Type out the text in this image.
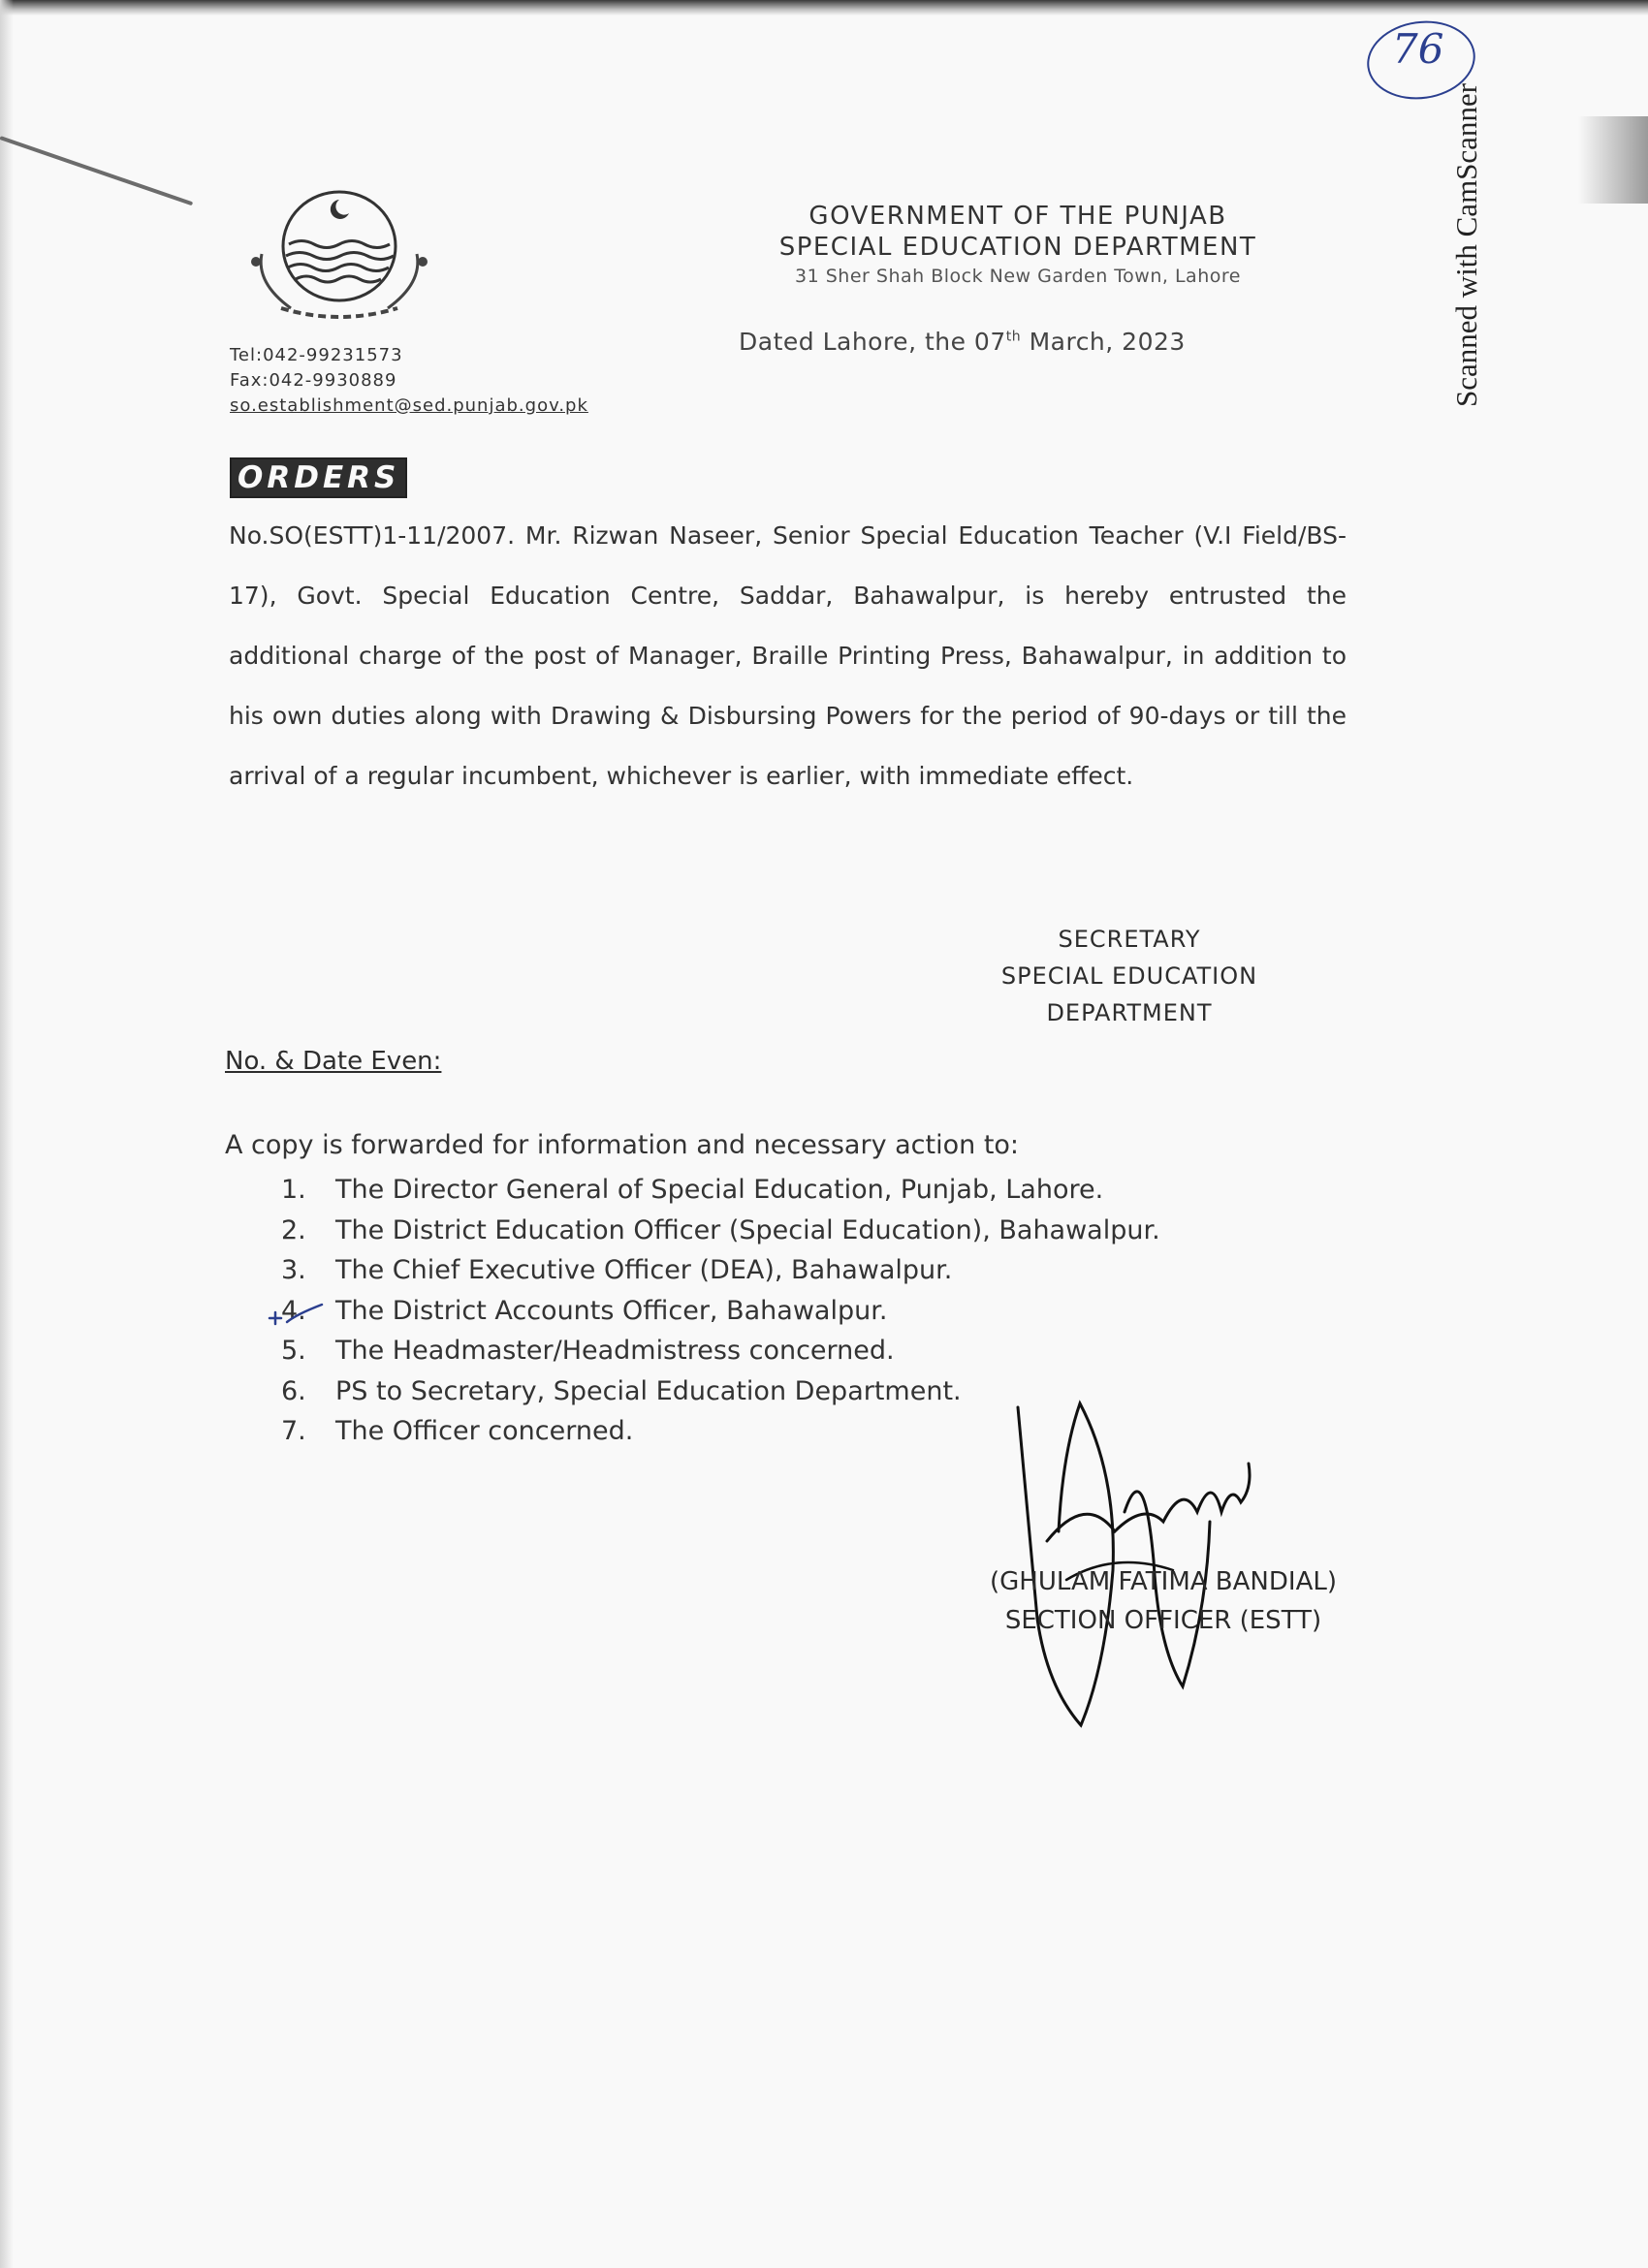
76
Scanned with CamScanner
GOVERNMENT OF THE PUNJAB
SPECIAL EDUCATION DEPARTMENT
31 Sher Shah Block New Garden Town, Lahore
Dated Lahore, the 07th March, 2023
Tel:042-99231573
Fax:042-9930889
so.establishment@sed.punjab.gov.pk
ORDERS
No.SO(ESTT)1-11/2007. Mr. Rizwan Naseer, Senior Special Education Teacher (V.I Field/BS-17), Govt. Special Education Centre, Saddar, Bahawalpur, is hereby entrusted the additional charge of the post of Manager, Braille Printing Press, Bahawalpur, in addition to his own duties along with Drawing & Disbursing Powers for the period of 90-days or till the arrival of a regular incumbent, whichever is earlier, with immediate effect.
SECRETARY
SPECIAL EDUCATION
DEPARTMENT
No. & Date Even:
A copy is forwarded for information and necessary action to:
1. The Director General of Special Education, Punjab, Lahore.
2. The District Education Officer (Special Education), Bahawalpur.
3. The Chief Executive Officer (DEA), Bahawalpur.
4. The District Accounts Officer, Bahawalpur.
5. The Headmaster/Headmistress concerned.
6. PS to Secretary, Special Education Department.
7. The Officer concerned.
(GHULAM FATIMA BANDIAL)
SECTION OFFICER (ESTT)
